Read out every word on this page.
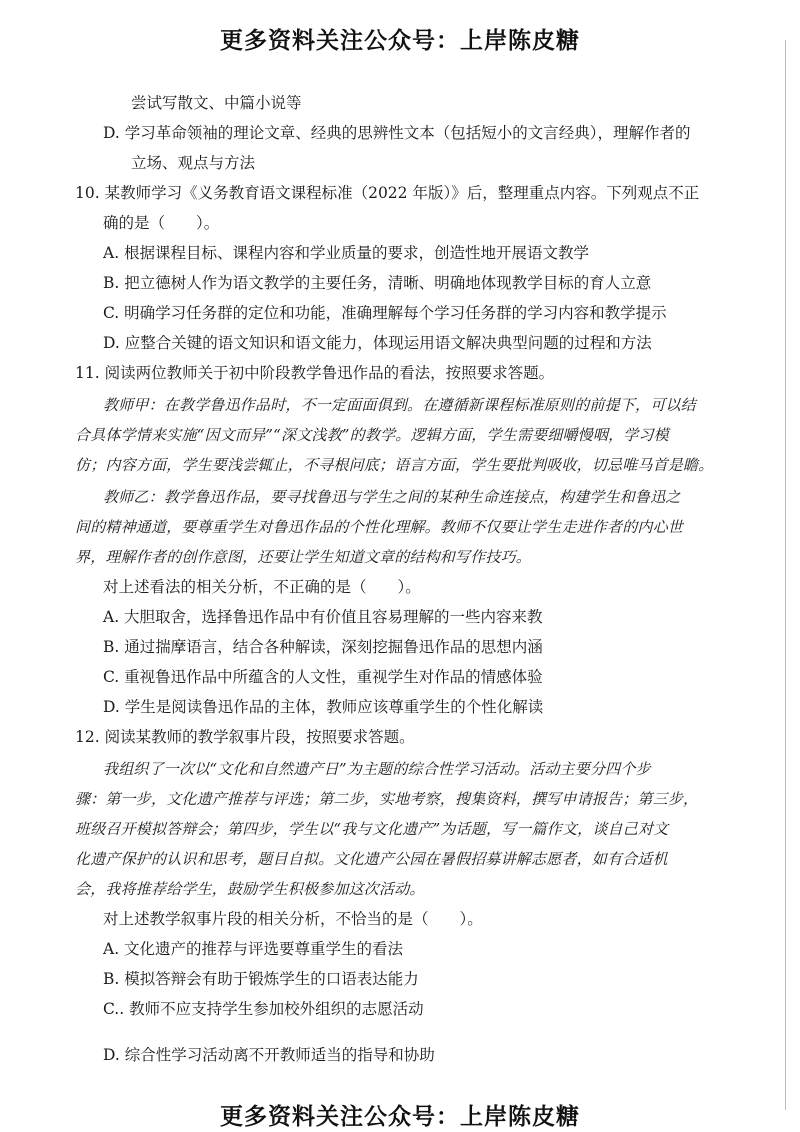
更多资料关注公众号：上岸陈皮糖
尝试写散文、中篇小说等
D. 学习革命领袖的理论文章、经典的思辨性文本（包括短小的文言经典），理解作者的
立场、观点与方法
10. 某教师学习《义务教育语文课程标准（2022 年版）》后，整理重点内容。下列观点不正
确的是（　　）。
A. 根据课程目标、课程内容和学业质量的要求，创造性地开展语文教学
B. 把立德树人作为语文教学的主要任务，清晰、明确地体现教学目标的育人立意
C. 明确学习任务群的定位和功能，准确理解每个学习任务群的学习内容和教学提示
D. 应整合关键的语文知识和语文能力，体现运用语文解决典型问题的过程和方法
11. 阅读两位教师关于初中阶段教学鲁迅作品的看法，按照要求答题。
教师甲：在教学鲁迅作品时，不一定面面俱到。在遵循新课程标准原则的前提下，可以结
合具体学情来实施“因文而异”“深文浅教”的教学。逻辑方面，学生需要细嚼慢咽，学习模
仿；内容方面，学生要浅尝辄止，不寻根问底；语言方面，学生要批判吸收，切忌唯马首是瞻。
教师乙：教学鲁迅作品，要寻找鲁迅与学生之间的某种生命连接点，构建学生和鲁迅之
间的精神通道，要尊重学生对鲁迅作品的个性化理解。教师不仅要让学生走进作者的内心世
界，理解作者的创作意图，还要让学生知道文章的结构和写作技巧。
对上述看法的相关分析，不正确的是（　　）。
A. 大胆取舍，选择鲁迅作品中有价值且容易理解的一些内容来教
B. 通过揣摩语言，结合各种解读，深刻挖掘鲁迅作品的思想内涵
C. 重视鲁迅作品中所蕴含的人文性，重视学生对作品的情感体验
D. 学生是阅读鲁迅作品的主体，教师应该尊重学生的个性化解读
12. 阅读某教师的教学叙事片段，按照要求答题。
我组织了一次以“文化和自然遗产日”为主题的综合性学习活动。活动主要分四个步
骤：第一步，文化遗产推荐与评选；第二步，实地考察，搜集资料，撰写申请报告；第三步，
班级召开模拟答辩会；第四步，学生以“我与文化遗产”为话题，写一篇作文，谈自己对文
化遗产保护的认识和思考，题目自拟。文化遗产公园在暑假招募讲解志愿者，如有合适机
会，我将推荐给学生，鼓励学生积极参加这次活动。
对上述教学叙事片段的相关分析，不恰当的是（　　）。
A. 文化遗产的推荐与评选要尊重学生的看法
B. 模拟答辩会有助于锻炼学生的口语表达能力
C.. 教师不应支持学生参加校外组织的志愿活动
D. 综合性学习活动离不开教师适当的指导和协助
更多资料关注公众号：上岸陈皮糖
